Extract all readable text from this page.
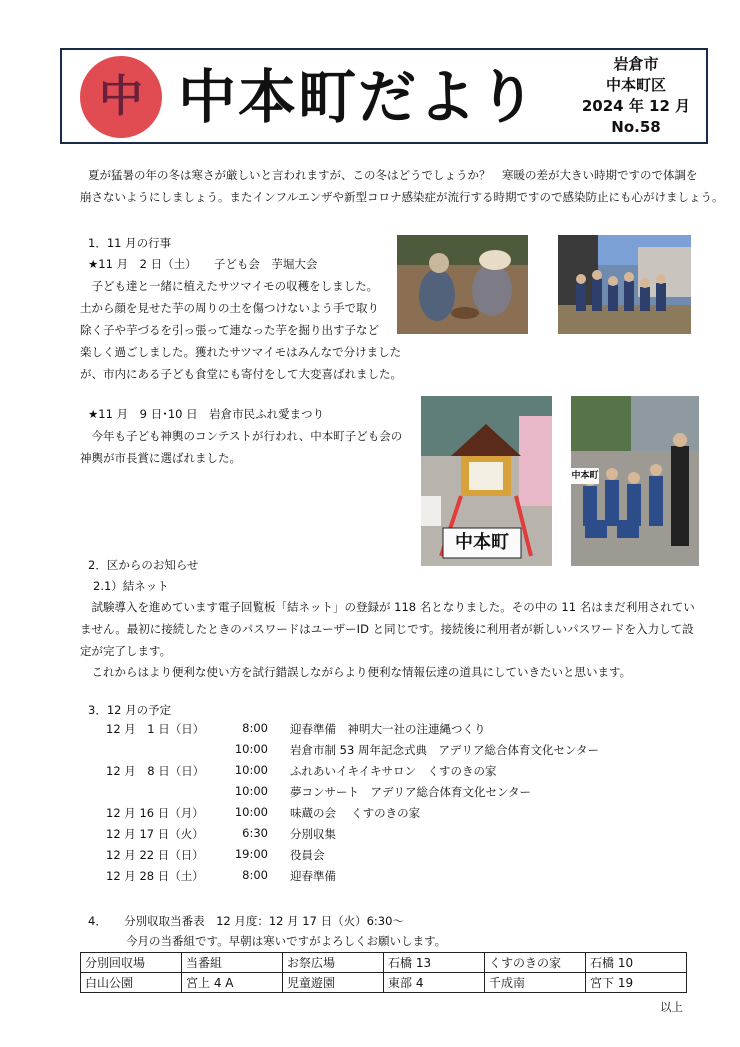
中 中本町だより	岩倉市
中本町区
2024 年 12 月
No.58
夏が猛暑の年の冬は寒さが厳しいと言われますが、この冬はどうでしょうか？　寒暖の差が大きい時期ですので体調を
崩さないようにしましょう。またインフルエンザや新型コロナ感染症が流行する時期ですので感染防止にも心がけましょう。
1．11 月の行事
★11 月　2 日（土）　　子ども会　芋堀大会
　子ども達と一緒に植えたサツマイモの収穫をしました。
土から顔を見せた芋の周りの土を傷つけないよう手で取り
除く子や芋づるを引っ張って連なった芋を掘り出す子など
楽しく過ごしました。獲れたサツマイモはみんなで分けました
が、市内にある子ども食堂にも寄付をして大変喜ばれました。
★11 月　9 日･10 日　岩倉市民ふれ愛まつり
　今年も子ども神輿のコンテストが行われ、中本町子ども会の
神輿が市長賞に選ばれました。
中本町
中本町
2．区からのお知らせ
2.1）結ネット
　試験導入を進めています電子回覧板「結ネット」の登録が 118 名となりました。その中の 11 名はまだ利用されてい
ません。最初に接続したときのパスワードはユーザーID と同じです。接続後に利用者が新しいパスワードを入力して設
定が完了します。
　これからはより便利な使い方を試行錯誤しながらより便利な情報伝達の道具にしていきたいと思います。
3．12 月の予定
12 月　1 日（日）	8:00 迎春準備　神明大一社の注連縄つくり
10:00 岩倉市制 53 周年記念式典　アデリア総合体育文化センター
12 月　8 日（日）	10:00 ふれあいイキイキサロン　くすのきの家
10:00 夢コンサート　アデリア総合体育文化センター
12 月 16 日（月）	10:00 味蔵の会　 くすのきの家
12 月 17 日（火）	6:30 分別収集
12 月 22 日（日）	19:00 役員会
12 月 28 日（土）	8:00 迎春準備
4．　　分別収取当番表　12 月度：12 月 17 日（火）6:30～
今月の当番組です。早朝は寒いですがよろしくお願いします。
分別回収場	当番組	お祭広場	石橋 13	くすのきの家	石橋 10
白山公園	宮上 4 A	児童遊園	東部 4	千成南	宮下 19
以上
